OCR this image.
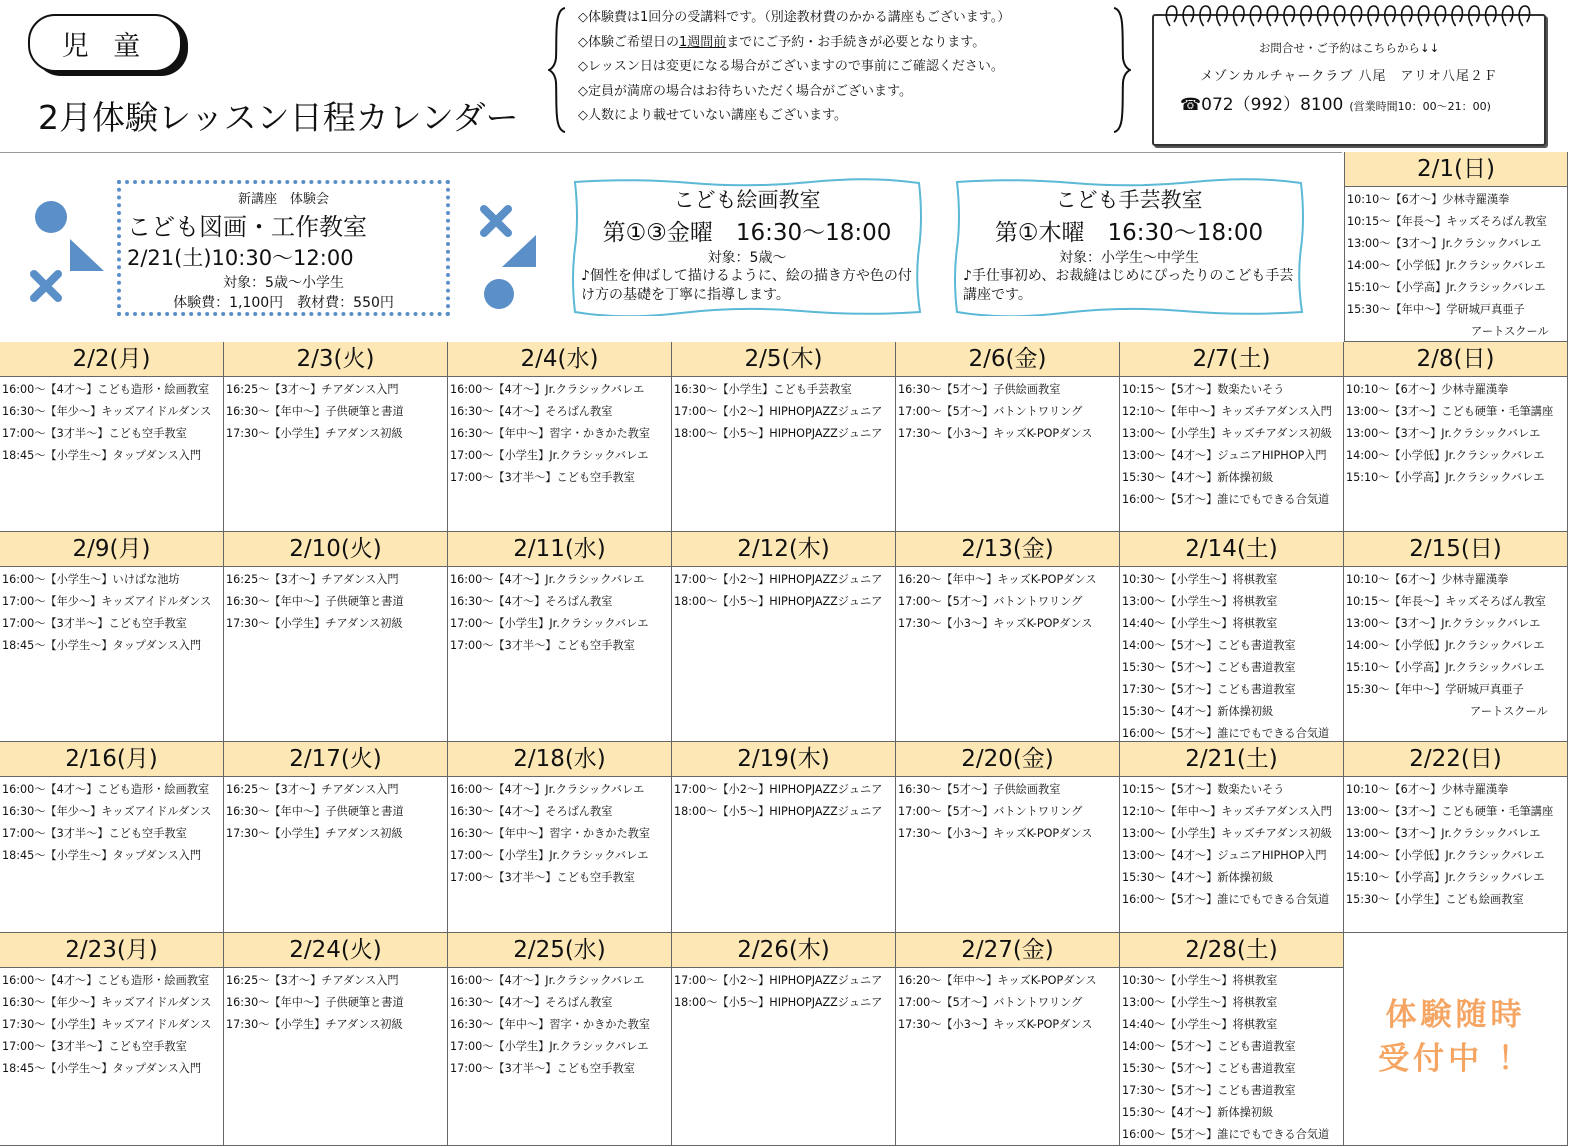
児 童
2月体験レッスン日程カレンダー
◇体験費は1回分の受講料です。（別途教材費のかかる講座もございます。）
◇体験ご希望日の1週間前までにご予約・お手続きが必要となります。
◇レッスン日は変更になる場合がございますので事前にご確認ください。
◇定員が満席の場合はお待ちいただく場合がございます。
◇人数により載せていない講座もございます。
お問合せ・ご予約はこちらから↓↓
メゾンカルチャークラブ 八尾　アリオ八尾２Ｆ
☎072（992）8100 (営業時間10：00～21：00)
2/1(日)
10:10～【6才～】少林寺羅漢拳
10:15～【年長～】キッズそろばん教室
13:00～【3才～】Jr.クラシックバレエ
14:00～【小学低】Jr.クラシックバレエ
15:10～【小学高】Jr.クラシックバレエ
15:30～【年中～】学研城戸真亜子
アートスクール
2/2(月)
16:00～【4才～】こども造形・絵画教室
16:30～【年少～】キッズアイドルダンス
17:00～【3才半～】こども空手教室
18:45～【小学生～】タップダンス入門
2/3(火)
16:25～【3才～】チアダンス入門
16:30～【年中～】子供硬筆と書道
17:30～【小学生】チアダンス初級
2/4(水)
16:00～【4才～】Jr.クラシックバレエ
16:30～【4才～】そろばん教室
16:30～【年中～】習字・かきかた教室
17:00～【小学生】Jr.クラシックバレエ
17:00～【3才半～】こども空手教室
2/5(木)
16:30～【小学生】こども手芸教室
17:00～【小2～】HIPHOPJAZZジュニア
18:00～【小5～】HIPHOPJAZZジュニア
2/6(金)
16:30～【5才～】子供絵画教室
17:00～【5才～】バトントワリング
17:30～【小3～】キッズK-POPダンス
2/7(土)
10:15～【5才～】数楽たいそう
12:10～【年中～】キッズチアダンス入門
13:00～【小学生】キッズチアダンス初級
13:00～【4才～】ジュニアHIPHOP入門
15:30～【4才～】新体操初級
16:00～【5才～】誰にでもできる合気道
2/8(日)
10:10～【6才～】少林寺羅漢拳
13:00～【3才～】こども硬筆・毛筆講座
13:00～【3才～】Jr.クラシックバレエ
14:00～【小学低】Jr.クラシックバレエ
15:10～【小学高】Jr.クラシックバレエ
2/9(月)
16:00～【小学生～】いけばな池坊
17:00～【年少～】キッズアイドルダンス
17:00～【3才半～】こども空手教室
18:45～【小学生～】タップダンス入門
2/10(火)
16:25～【3才～】チアダンス入門
16:30～【年中～】子供硬筆と書道
17:30～【小学生】チアダンス初級
2/11(水)
16:00～【4才～】Jr.クラシックバレエ
16:30～【4才～】そろばん教室
17:00～【小学生】Jr.クラシックバレエ
17:00～【3才半～】こども空手教室
2/12(木)
17:00～【小2～】HIPHOPJAZZジュニア
18:00～【小5～】HIPHOPJAZZジュニア
2/13(金)
16:20～【年中～】キッズK-POPダンス
17:00～【5才～】バトントワリング
17:30～【小3～】キッズK-POPダンス
2/14(土)
10:30～【小学生～】将棋教室
13:00～【小学生～】将棋教室
14:40～【小学生～】将棋教室
14:00～【5才～】こども書道教室
15:30～【5才～】こども書道教室
17:30～【5才～】こども書道教室
15:30～【4才～】新体操初級
16:00～【5才～】誰にでもできる合気道
2/15(日)
10:10～【6才～】少林寺羅漢拳
10:15～【年長～】キッズそろばん教室
13:00～【3才～】Jr.クラシックバレエ
14:00～【小学低】Jr.クラシックバレエ
15:10～【小学高】Jr.クラシックバレエ
15:30～【年中～】学研城戸真亜子
アートスクール
2/16(月)
16:00～【4才～】こども造形・絵画教室
16:30～【年少～】キッズアイドルダンス
17:00～【3才半～】こども空手教室
18:45～【小学生～】タップダンス入門
2/17(火)
16:25～【3才～】チアダンス入門
16:30～【年中～】子供硬筆と書道
17:30～【小学生】チアダンス初級
2/18(水)
16:00～【4才～】Jr.クラシックバレエ
16:30～【4才～】そろばん教室
16:30～【年中～】習字・かきかた教室
17:00～【小学生】Jr.クラシックバレエ
17:00～【3才半～】こども空手教室
2/19(木)
17:00～【小2～】HIPHOPJAZZジュニア
18:00～【小5～】HIPHOPJAZZジュニア
2/20(金)
16:30～【5才～】子供絵画教室
17:00～【5才～】バトントワリング
17:30～【小3～】キッズK-POPダンス
2/21(土)
10:15～【5才～】数楽たいそう
12:10～【年中～】キッズチアダンス入門
13:00～【小学生】キッズチアダンス初級
13:00～【4才～】ジュニアHIPHOP入門
15:30～【4才～】新体操初級
16:00～【5才～】誰にでもできる合気道
2/22(日)
10:10～【6才～】少林寺羅漢拳
13:00～【3才～】こども硬筆・毛筆講座
13:00～【3才～】Jr.クラシックバレエ
14:00～【小学低】Jr.クラシックバレエ
15:10～【小学高】Jr.クラシックバレエ
15:30～【小学生】こども絵画教室
2/23(月)
16:00～【4才～】こども造形・絵画教室
16:30～【年少～】キッズアイドルダンス
17:30～【小学生】キッズアイドルダンス
17:00～【3才半～】こども空手教室
18:45～【小学生～】タップダンス入門
2/24(火)
16:25～【3才～】チアダンス入門
16:30～【年中～】子供硬筆と書道
17:30～【小学生】チアダンス初級
2/25(水)
16:00～【4才～】Jr.クラシックバレエ
16:30～【4才～】そろばん教室
16:30～【年中～】習字・かきかた教室
17:00～【小学生】Jr.クラシックバレエ
17:00～【3才半～】こども空手教室
2/26(木)
17:00～【小2～】HIPHOPJAZZジュニア
18:00～【小5～】HIPHOPJAZZジュニア
2/27(金)
16:20～【年中～】キッズK-POPダンス
17:00～【5才～】バトントワリング
17:30～【小3～】キッズK-POPダンス
2/28(土)
10:30～【小学生～】将棋教室
13:00～【小学生～】将棋教室
14:40～【小学生～】将棋教室
14:00～【5才～】こども書道教室
15:30～【5才～】こども書道教室
17:30～【5才～】こども書道教室
15:30～【4才～】新体操初級
16:00～【5才～】誰にでもできる合気道
体験随時
受付中 ！
新講座　体験会
こども図画・工作教室
2/21(土)10:30～12:00
対象：5歳～小学生
体験費：1,100円　教材費：550円
こども絵画教室
第①③金曜　16:30～18:00
対象：5歳～
♪個性を伸ばして描けるように、絵の描き方や色の付け方の基礎を丁寧に指導します。
こども手芸教室
第①木曜　16:30～18:00
対象：小学生～中学生
♪手仕事初め、お裁縫はじめにぴったりのこども手芸講座です。
